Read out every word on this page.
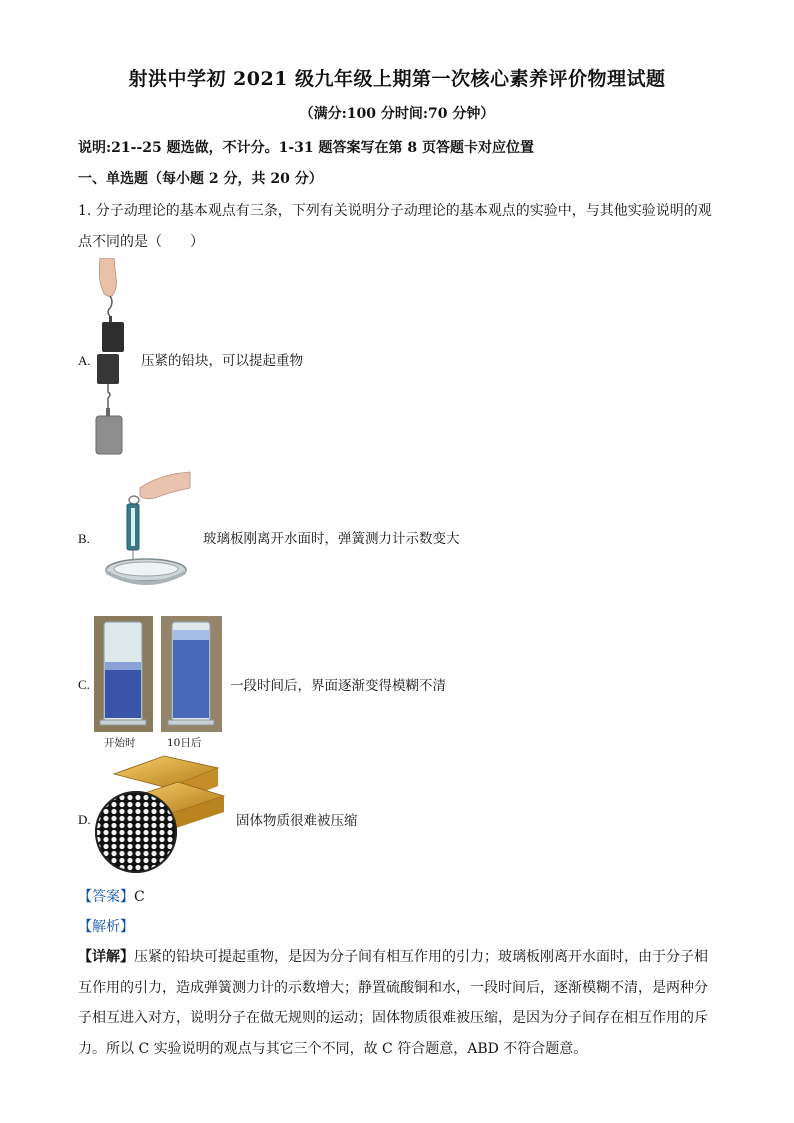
射洪中学初 2021 级九年级上期第一次核心素养评价物理试题
（满分:100 分时间:70 分钟）
说明:21--25 题选做，不计分。1-31 题答案写在第 8 页答题卡对应位置
一、单选题（每小题 2 分，共 20 分）
1. 分子动理论的基本观点有三条，下列有关说明分子动理论的基本观点的实验中，与其他实验说明的观
点不同的是（　　）
A.	压紧的铅块，可以提起重物
B.	玻璃板刚离开水面时，弹簧测力计示数变大
C.
开始时	10日后
一段时间后，界面逐渐变得模糊不清
D.	固体物质很难被压缩
【答案】C
【解析】
【详解】压紧的铅块可提起重物，是因为分子间有相互作用的引力；玻璃板刚离开水面时，由于分子相
互作用的引力，造成弹簧测力计的示数增大；静置硫酸铜和水，一段时间后，逐渐模糊不清，是两种分
子相互进入对方，说明分子在做无规则的运动；固体物质很难被压缩，是因为分子间存在相互作用的斥
力。所以 C 实验说明的观点与其它三个不同，故 C 符合题意，ABD 不符合题意。
